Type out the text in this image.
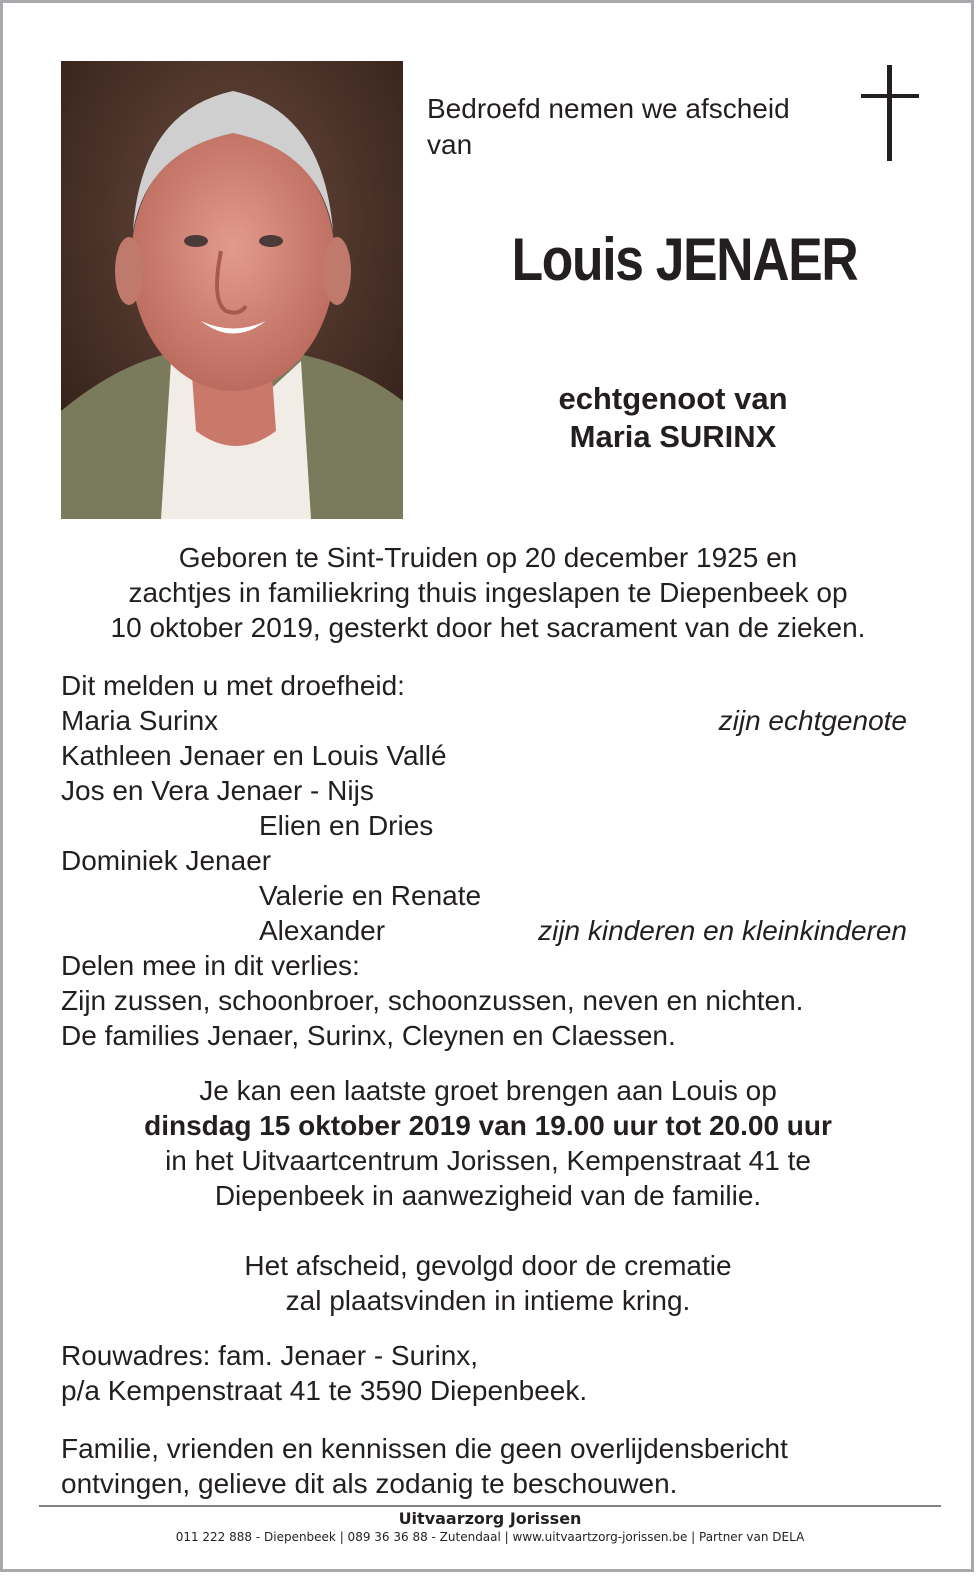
Bedroefd nemen we afscheid
van
Louis JENAER
echtgenoot van
Maria SURINX
Geboren te Sint-Truiden op 20 december 1925 en
zachtjes in familiekring thuis ingeslapen te Diepenbeek op
10 oktober 2019, gesterkt door het sacrament van de zieken.
Dit melden u met droefheid:
Maria Surinx	zijn echtgenote
Kathleen Jenaer en Louis Vallé
Jos en Vera Jenaer - Nijs
Elien en Dries
Dominiek Jenaer
Valerie en Renate
Alexander	zijn kinderen en kleinkinderen
Delen mee in dit verlies:
Zijn zussen, schoonbroer, schoonzussen, neven en nichten.
De families Jenaer, Surinx, Cleynen en Claessen.
Je kan een laatste groet brengen aan Louis op
dinsdag 15 oktober 2019 van 19.00 uur tot 20.00 uur
in het Uitvaartcentrum Jorissen, Kempenstraat 41 te
Diepenbeek in aanwezigheid van de familie.
Het afscheid, gevolgd door de crematie
zal plaatsvinden in intieme kring.
Rouwadres: fam. Jenaer - Surinx,
p/a Kempenstraat 41 te 3590 Diepenbeek.
Familie, vrienden en kennissen die geen overlijdensbericht
ontvingen, gelieve dit als zodanig te beschouwen.
Uitvaarzorg Jorissen
011 222 888 - Diepenbeek | 089 36 36 88 - Zutendaal | www.uitvaartzorg-jorissen.be | Partner van DELA
